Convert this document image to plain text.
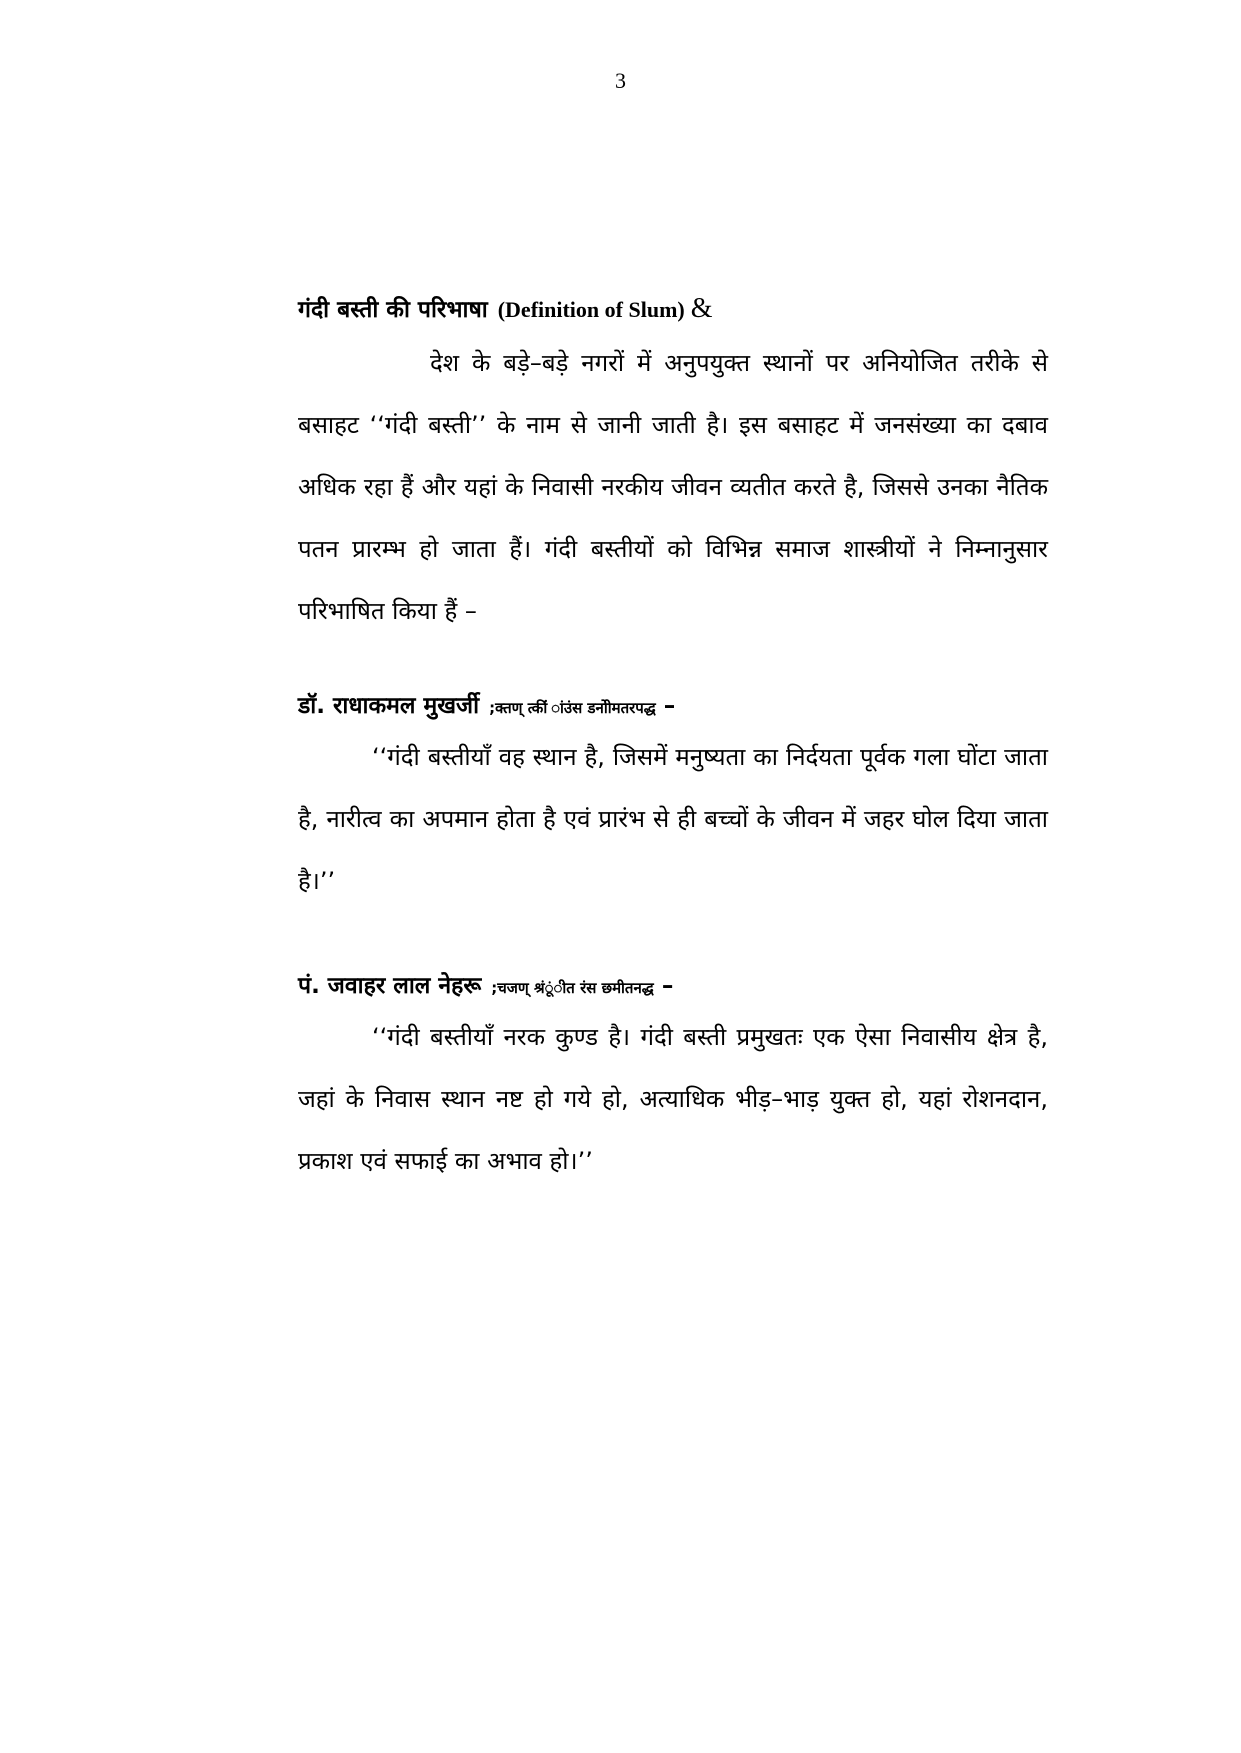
3
गंदी बस्ती की परिभाषा (Definition of Slum) &
देश के बड़े–बड़े नगरों में अनुपयुक्त स्थानों पर अनियोजित तरीके से बसाहट ‘‘गंदी बस्ती’’ के नाम से जानी जाती है। इस बसाहट में जनसंख्या का दबाव अधिक रहा हैं और यहां के निवासी नरकीय जीवन व्यतीत करते है, जिससे उनका नैतिक पतन प्रारम्भ हो जाता हैं। गंदी बस्तीयों को विभिन्न समाज शास्त्रीयों ने निम्नानुसार परिभाषित किया हैं –
डॉ. राधाकमल मुखर्जी ;क्तण् त्कींं ांउंस डनोीमतरपद्ध –
‘‘गंदी बस्तीयाँ वह स्थान है, जिसमें मनुष्यता का निर्दयता पूर्वक गला घोंटा जाता है, नारीत्व का अपमान होता है एवं प्रारंभ से ही बच्चों के जीवन में जहर घोल दिया जाता है।’’
पं. जवाहर लाल नेहरू ;चजण् श्रंूंीत रंस छमीतनद्ध –
‘‘गंदी बस्तीयाँ नरक कुण्ड है। गंदी बस्ती प्रमुखतः एक ऐसा निवासीय क्षेत्र है, जहां के निवास स्थान नष्ट हो गये हो, अत्याधिक भीड़–भाड़ युक्त हो, यहां रोशनदान, प्रकाश एवं सफाई का अभाव हो।’’
